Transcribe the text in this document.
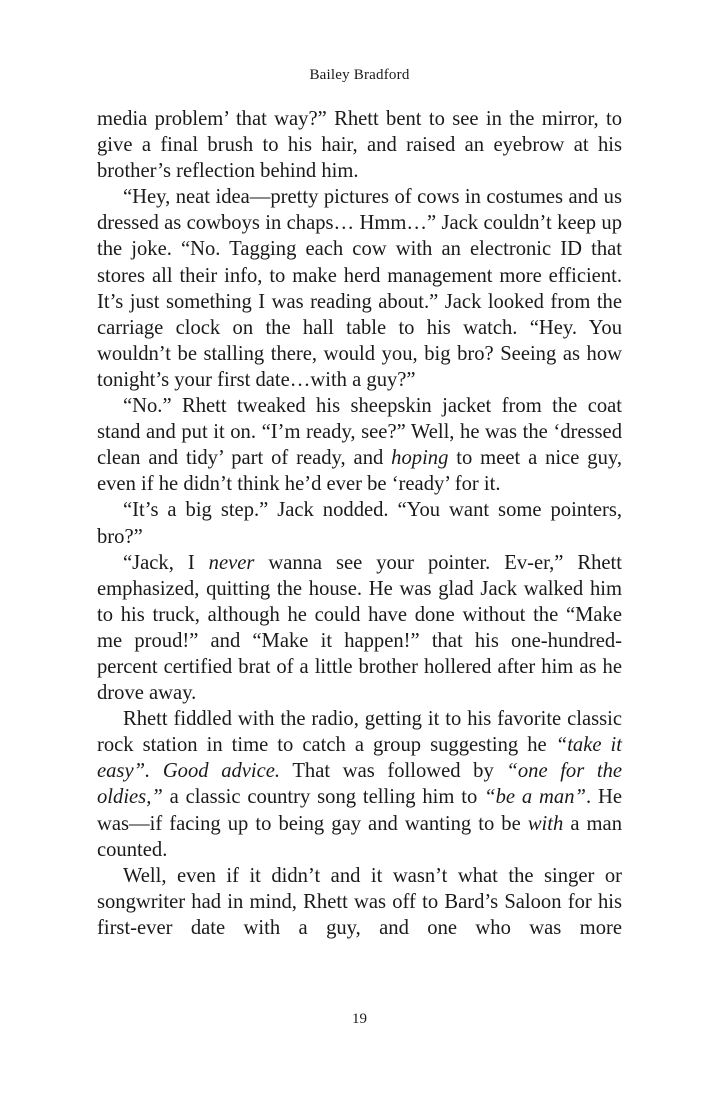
Bailey Bradford

media problem’ that way?” Rhett bent to see in the mirror, to give a final brush to his hair, and raised an eyebrow at his brother’s reflection behind him.

“Hey, neat idea—pretty pictures of cows in costumes and us dressed as cowboys in chaps… Hmm…” Jack couldn’t keep up the joke. “No. Tagging each cow with an electronic ID that stores all their info, to make herd management more efficient. It’s just something I was reading about.” Jack looked from the carriage clock on the hall table to his watch. “Hey. You wouldn’t be stalling there, would you, big bro? Seeing as how tonight’s your first date…with a guy?”

“No.” Rhett tweaked his sheepskin jacket from the coat stand and put it on. “I’m ready, see?” Well, he was the ‘dressed clean and tidy’ part of ready, and hoping to meet a nice guy, even if he didn’t think he’d ever be ‘ready’ for it.

“It’s a big step.” Jack nodded. “You want some pointers, bro?”

“Jack, I never wanna see your pointer. Ev-er,” Rhett emphasized, quitting the house. He was glad Jack walked him to his truck, although he could have done without the “Make me proud!” and “Make it happen!” that his one-hundred-percent certified brat of a little brother hollered after him as he drove away.

Rhett fiddled with the radio, getting it to his favorite classic rock station in time to catch a group suggesting he “take it easy”. Good advice. That was followed by “one for the oldies,” a classic country song telling him to “be a man”. He was—if facing up to being gay and wanting to be with a man counted.

Well, even if it didn’t and it wasn’t what the singer or songwriter had in mind, Rhett was off to Bard’s Saloon for his first-ever date with a guy, and one who was more

19
